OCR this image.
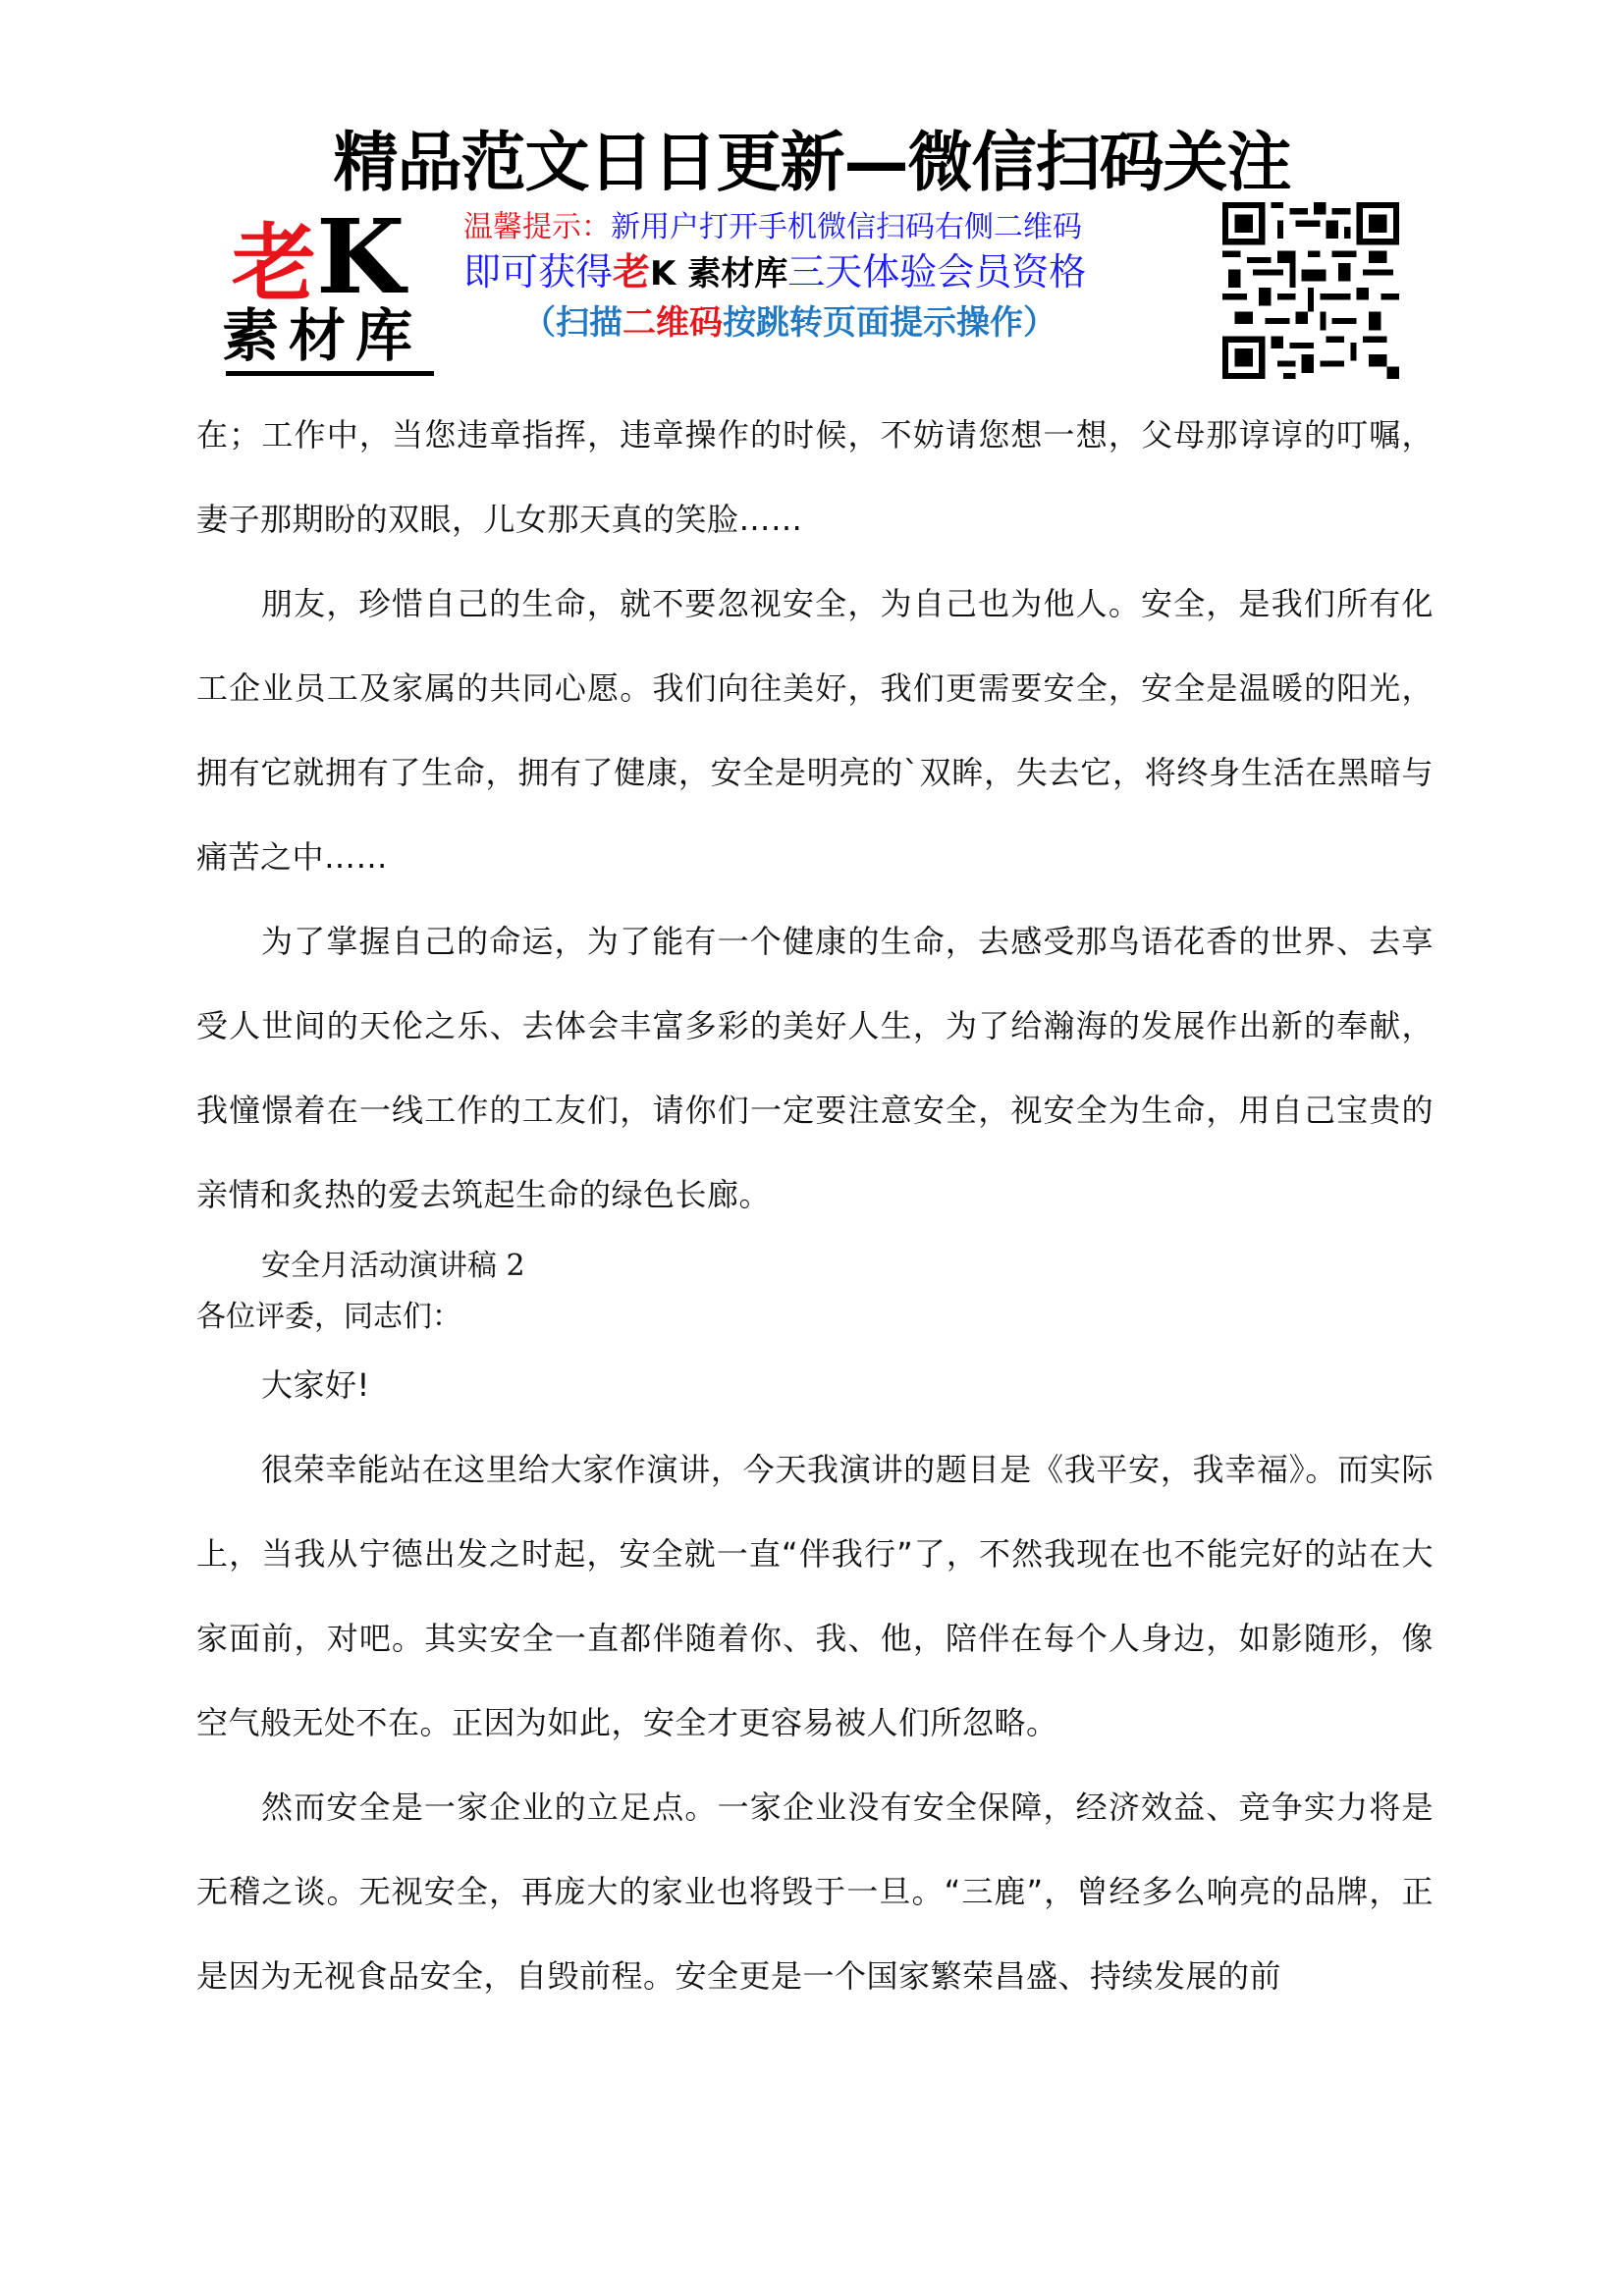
精品范文日日更新—微信扫码关注
老K
素材库
温馨提示：新用户打开手机微信扫码右侧二维码
即可获得老K 素材库三天体验会员资格
（扫描二维码按跳转页面提示操作）

在；工作中，当您违章指挥，违章操作的时候，不妨请您想一想，父母那谆谆的叮嘱，妻子那期盼的双眼，儿女那天真的笑脸……

朋友，珍惜自己的生命，就不要忽视安全，为自己也为他人。安全，是我们所有化工企业员工及家属的共同心愿。我们向往美好，我们更需要安全，安全是温暖的阳光，拥有它就拥有了生命，拥有了健康，安全是明亮的`双眸，失去它，将终身生活在黑暗与痛苦之中……

为了掌握自己的命运，为了能有一个健康的生命，去感受那鸟语花香的世界、去享受人世间的天伦之乐、去体会丰富多彩的美好人生，为了给瀚海的发展作出新的奉献，我憧憬着在一线工作的工友们，请你们一定要注意安全，视安全为生命，用自己宝贵的亲情和炙热的爱去筑起生命的绿色长廊。

安全月活动演讲稿 2

各位评委，同志们：

大家好!

很荣幸能站在这里给大家作演讲，今天我演讲的题目是《我平安，我幸福》。而实际上，当我从宁德出发之时起，安全就一直“伴我行”了，不然我现在也不能完好的站在大家面前，对吧。其实安全一直都伴随着你、我、他，陪伴在每个人身边，如影随形，像空气般无处不在。正因为如此，安全才更容易被人们所忽略。

然而安全是一家企业的立足点。一家企业没有安全保障，经济效益、竞争实力将是无稽之谈。无视安全，再庞大的家业也将毁于一旦。“三鹿”，曾经多么响亮的品牌，正是因为无视食品安全，自毁前程。安全更是一个国家繁荣昌盛、持续发展的前
